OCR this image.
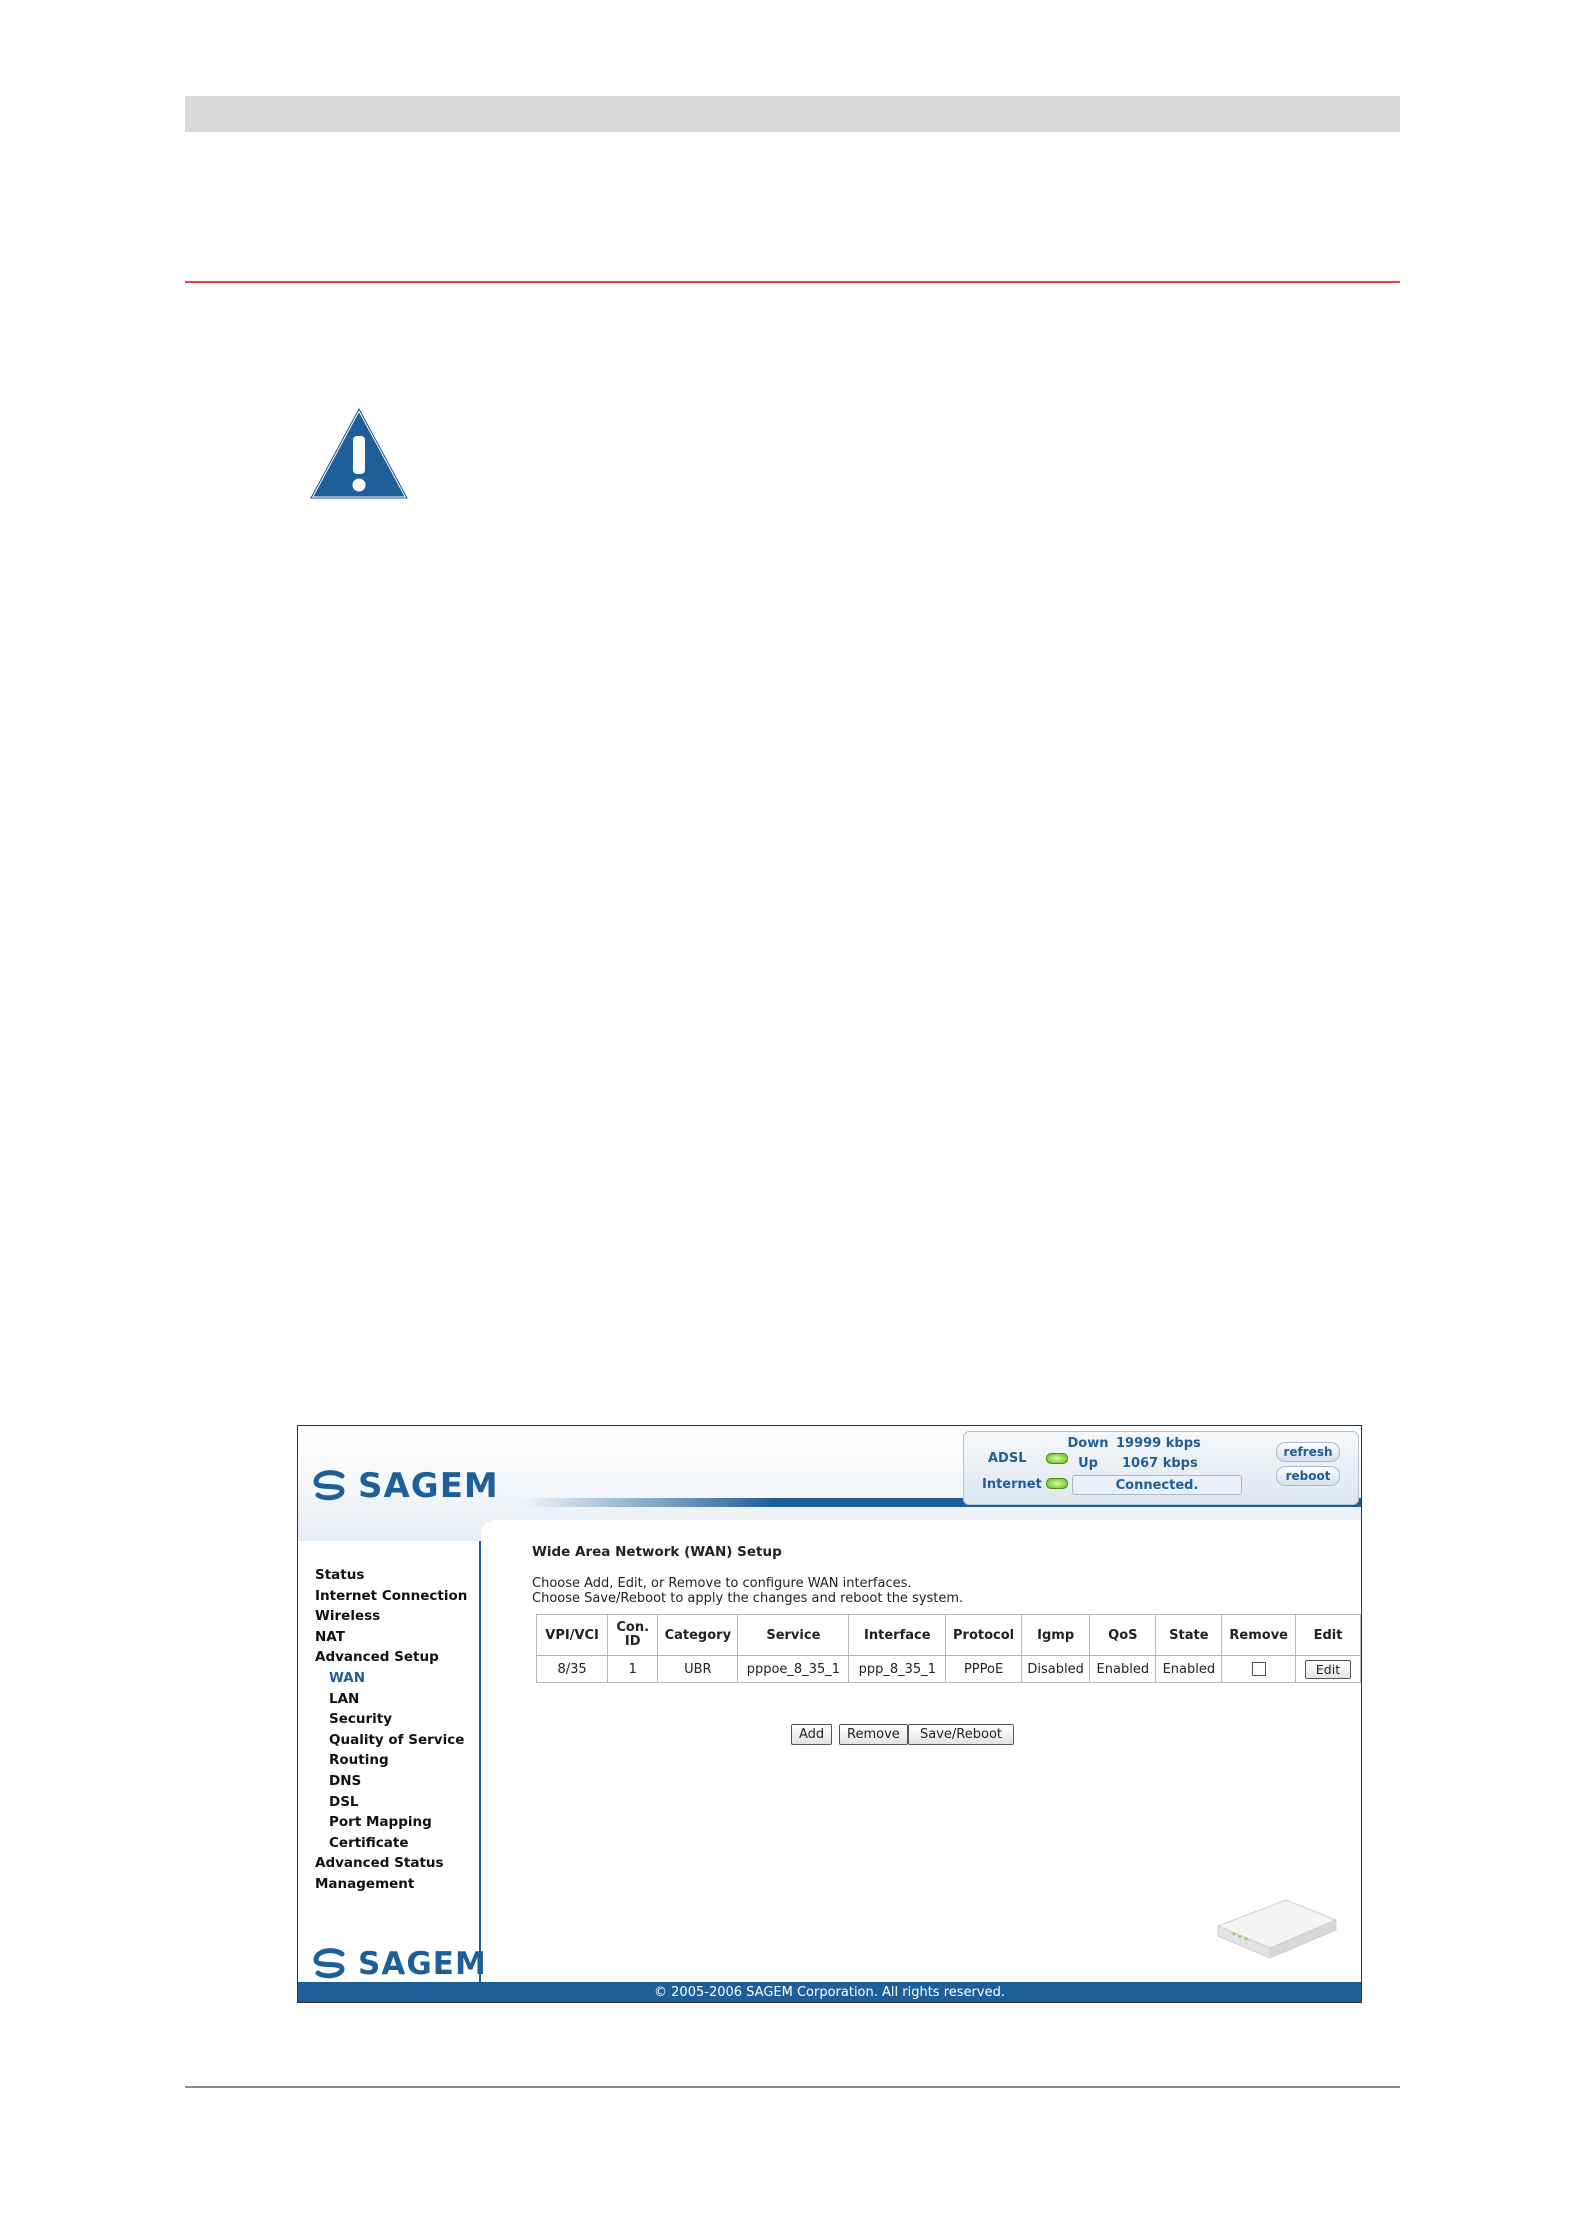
SAGEM
ADSL
Internet
Down 19999 kbps
Up	1067 kbps
Connected.
refresh
reboot
Status
Internet Connection
Wireless
NAT
Advanced Setup
WAN
LAN
Security
Quality of Service
Routing
DNS
DSL
Port Mapping
Certificate
Advanced Status
Management
SAGEM
Wide Area Network (WAN) Setup
Choose Add, Edit, or Remove to configure WAN interfaces.
Choose Save/Reboot to apply the changes and reboot the system.
VPI/VCI	Con. ID	Category	Service	Interface	Protocol	Igmp	QoS	State	Remove	Edit
8/35	1	UBR	pppoe_8_35_1	ppp_8_35_1	PPPoE	Disabled	Enabled	Enabled		Edit
Add	Remove	Save/Reboot
© 2005-2006 SAGEM Corporation. All rights reserved.
